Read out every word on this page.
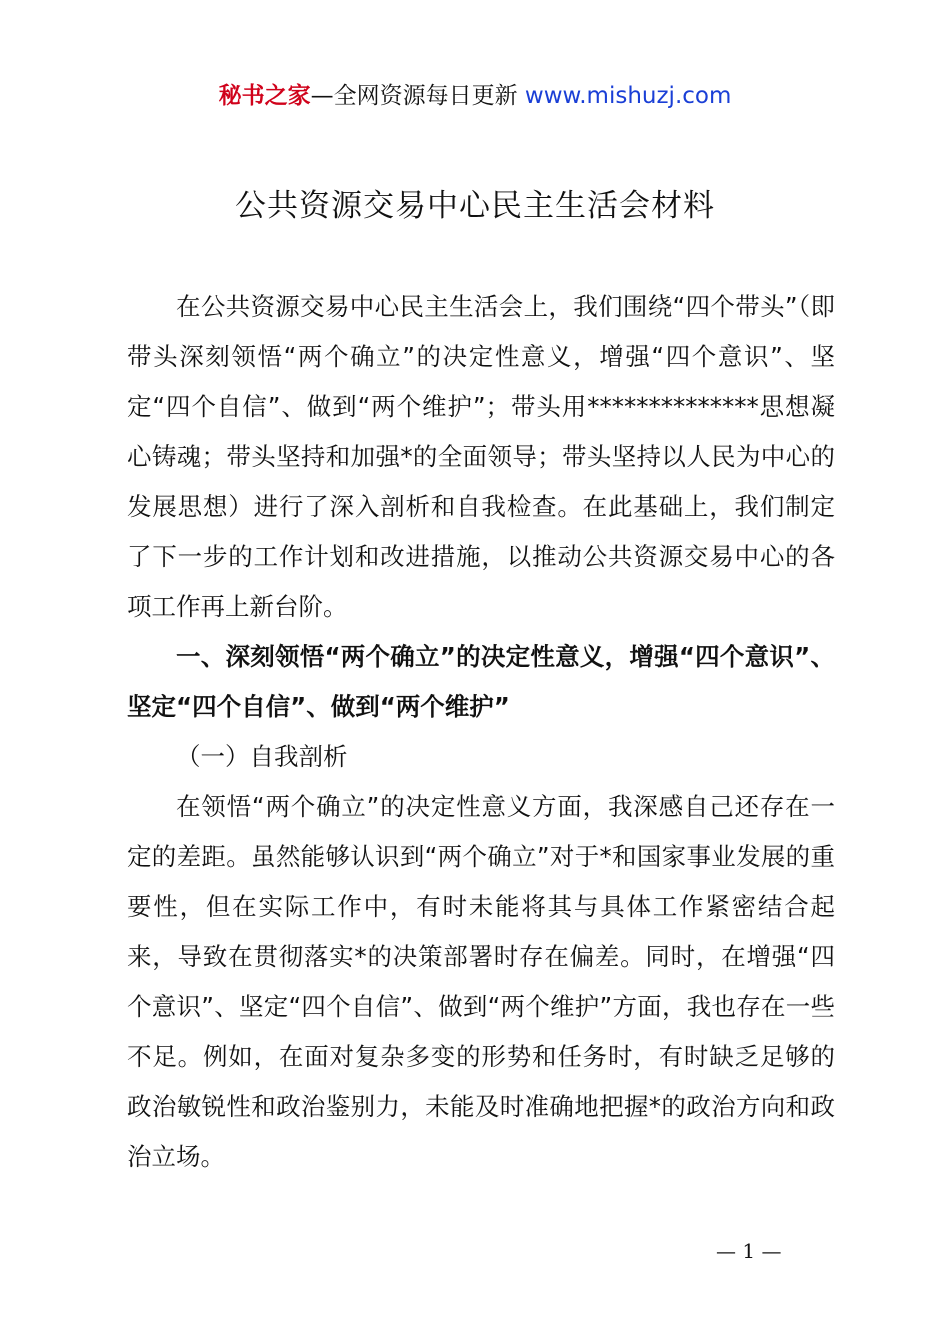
秘书之家—全网资源每日更新 www.mishuzj.com
公共资源交易中心民主生活会材料

在公共资源交易中心民主生活会上，我们围绕“四个带头”（即带头深刻领悟“两个确立”的决定性意义，增强“四个意识”、坚定“四个自信”、做到“两个维护”；带头用**************思想凝心铸魂；带头坚持和加强*的全面领导；带头坚持以人民为中心的发展思想）进行了深入剖析和自我检查。在此基础上，我们制定了下一步的工作计划和改进措施，以推动公共资源交易中心的各项工作再上新台阶。

一、深刻领悟“两个确立”的决定性意义，增强“四个意识”、坚定“四个自信”、做到“两个维护”

（一）自我剖析

在领悟“两个确立”的决定性意义方面，我深感自己还存在一定的差距。虽然能够认识到“两个确立”对于*和国家事业发展的重要性，但在实际工作中，有时未能将其与具体工作紧密结合起来，导致在贯彻落实*的决策部署时存在偏差。同时，在增强“四个意识”、坚定“四个自信”、做到“两个维护”方面，我也存在一些不足。例如，在面对复杂多变的形势和任务时，有时缺乏足够的政治敏锐性和政治鉴别力，未能及时准确地把握*的政治方向和政治立场。

— 1 —
